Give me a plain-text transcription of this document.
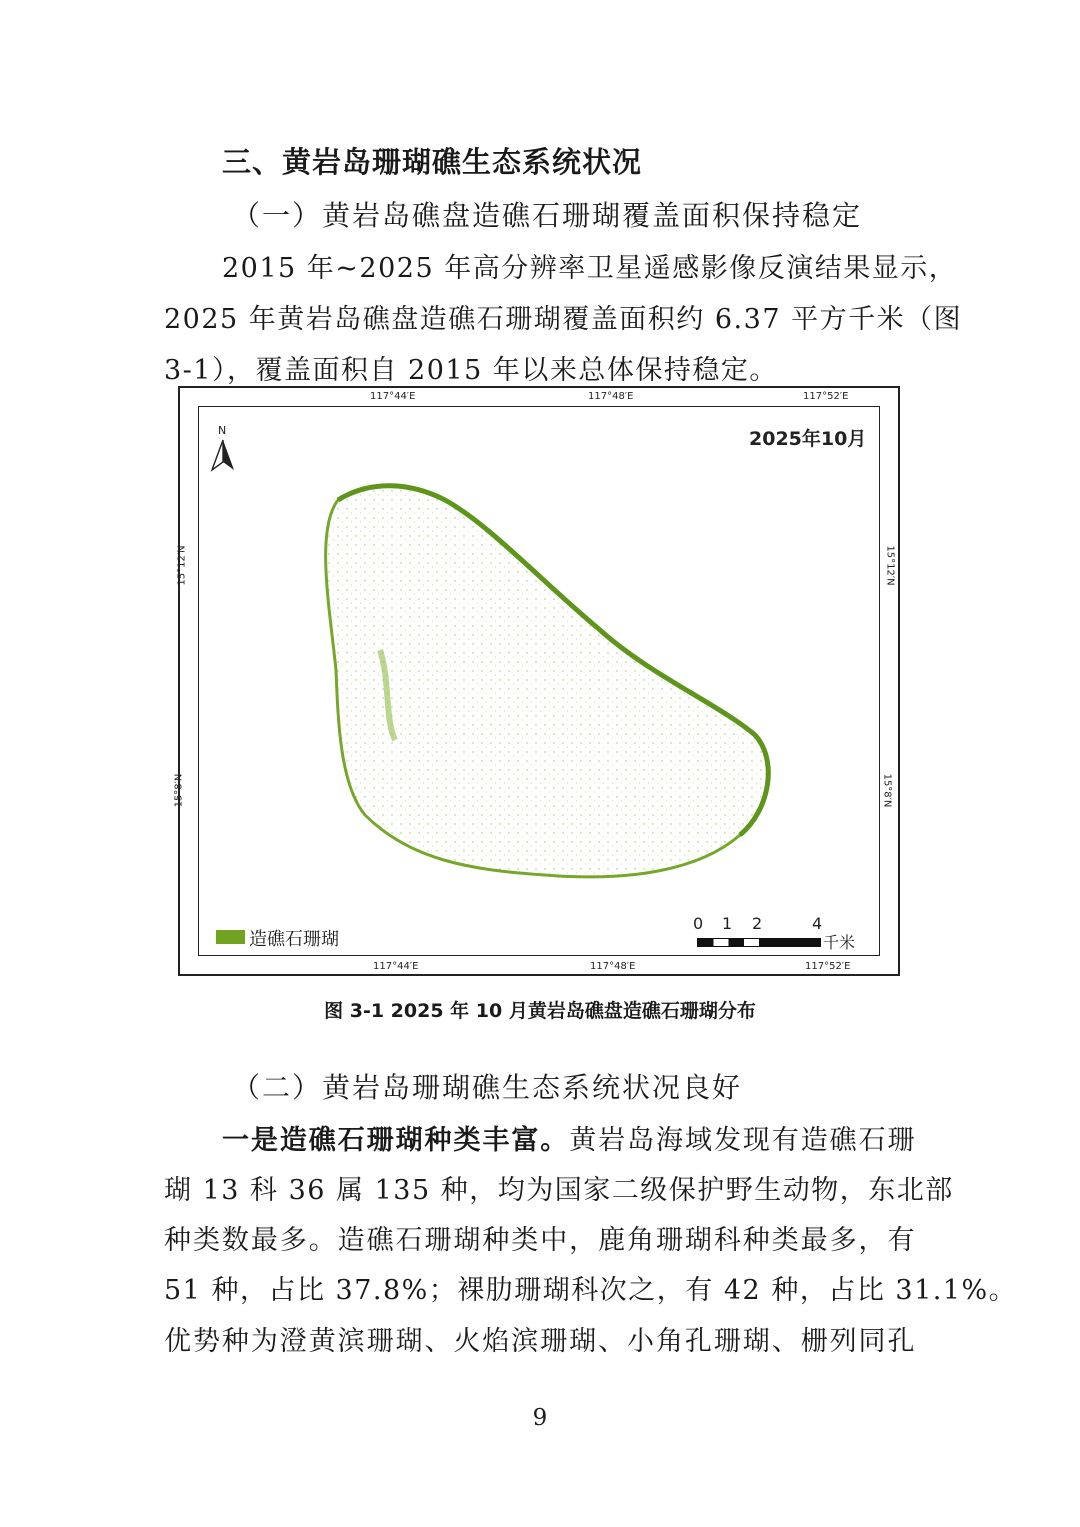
三、黄岩岛珊瑚礁生态系统状况
（一）黄岩岛礁盘造礁石珊瑚覆盖面积保持稳定
2015 年~2025 年高分辨率卫星遥感影像反演结果显示，
2025 年黄岩岛礁盘造礁石珊瑚覆盖面积约 6.37 平方千米（图
3-1），覆盖面积自 2015 年以来总体保持稳定。
117°44′E	117°48′E	117°52′E
117°44′E	117°48′E	117°52′E
15°12′N
15°8′N
15°12′N
15°8′N
N	2025年10月
造礁石珊瑚
0 1 2	4
千米
图 3-1 2025 年 10 月黄岩岛礁盘造礁石珊瑚分布
（二）黄岩岛珊瑚礁生态系统状况良好
一是造礁石珊瑚种类丰富。黄岩岛海域发现有造礁石珊
瑚 13 科 36 属 135 种，均为国家二级保护野生动物，东北部
种类数最多。造礁石珊瑚种类中，鹿角珊瑚科种类最多，有
51 种，占比 37.8%；裸肋珊瑚科次之，有 42 种，占比 31.1%。
优势种为澄黄滨珊瑚、火焰滨珊瑚、小角孔珊瑚、栅列同孔
9
